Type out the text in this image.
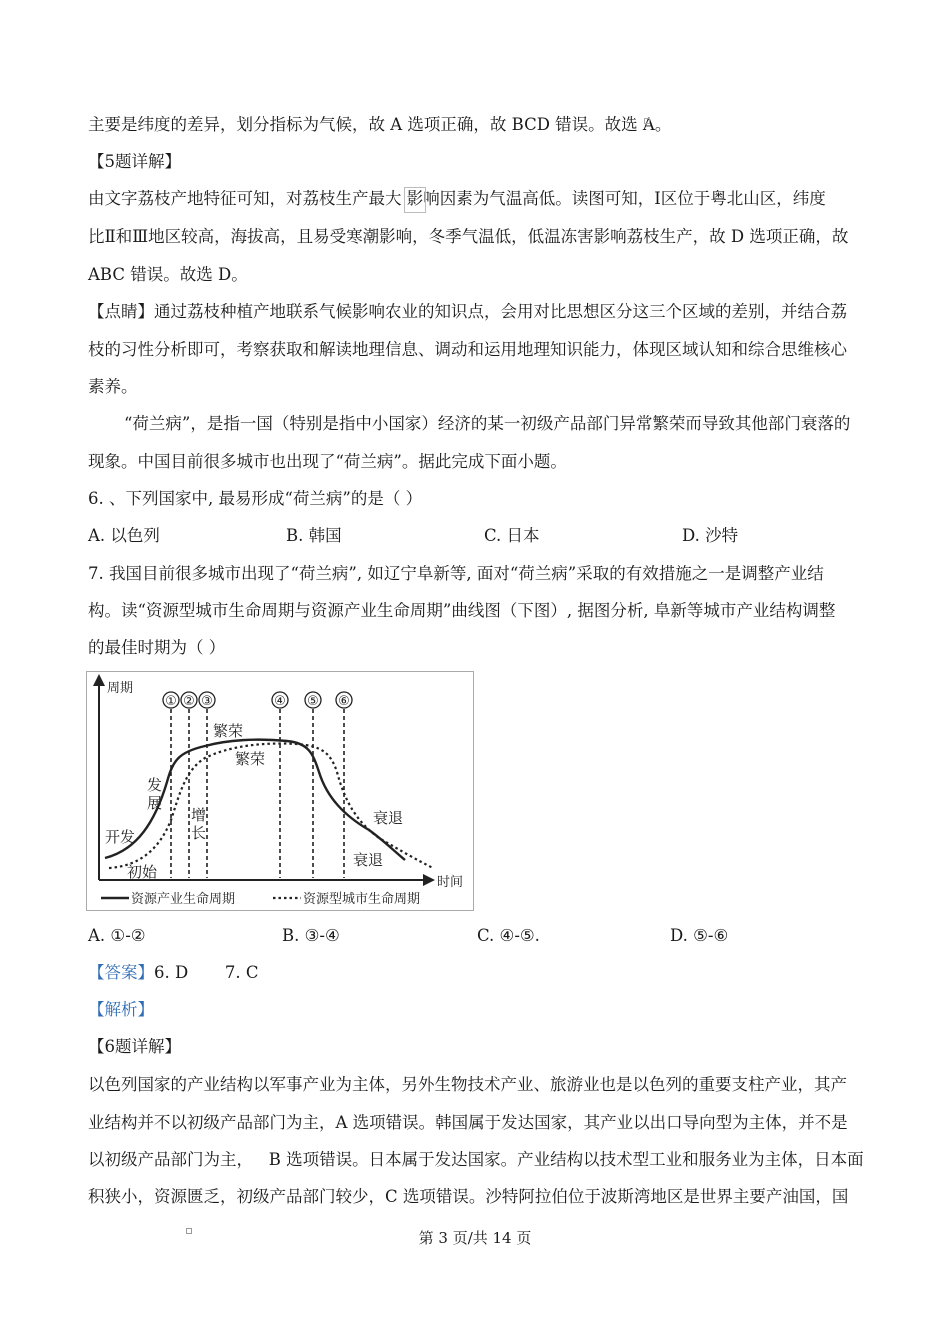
主要是纬度的差异，划分指标为气候，故 A 选项正确，故 BCD 错误。故选 A。
【5题详解】
由文字荔枝产地特征可知，对荔枝生产最大 影响因素为气温高低。读图可知，Ⅰ区位于粤北山区，纬度
比Ⅱ和Ⅲ地区较高，海拔高，且易受寒潮影响，冬季气温低，低温冻害影响荔枝生产，故 D 选项正确，故
ABC 错误。故选 D。
【点睛】通过荔枝种植产地联系气候影响农业的知识点，会用对比思想区分这三个区域的差别，并结合荔
枝的习性分析即可，考察获取和解读地理信息、调动和运用地理知识能力，体现区域认知和综合思维核心
素养。
“荷兰病”，是指一国（特别是指中小国家）经济的某一初级产品部门异常繁荣而导致其他部门衰落的
现象。中国目前很多城市也出现了“荷兰病”。据此完成下面小题。
6. 、下列国家中, 最易形成“荷兰病”的是（ ）
A. 以色列	B. 韩国	C. 日本	D. 沙特
7. 我国目前很多城市出现了“荷兰病”, 如辽宁阜新等, 面对“荷兰病”采取的有效措施之一是调整产业结
构。读“资源型城市生命周期与资源产业生命周期”曲线图（下图）, 据图分析, 阜新等城市产业结构调整
的最佳时期为（ ）
周期
时间
① ② ③	④ ⑤ ⑥
开发
发
展
繁荣
繁荣
增
长
初始
衰退
衰退
资源产业生命周期	资源型城市生命周期
A. ①-②	B. ③-④	C. ④-⑤.	D. ⑤-⑥
【答案】6. D       7. C
【解析】
【6题详解】
以色列国家的产业结构以军事产业为主体，另外生物技术产业、旅游业也是以色列的重要支柱产业，其产
业结构并不以初级产品部门为主，A 选项错误。韩国属于发达国家，其产业以出口导向型为主体，并不是
以初级产品部门为主，   B 选项错误。日本属于发达国家。产业结构以技术型工业和服务业为主体，日本面
积狭小，资源匮乏，初级产品部门较少，C 选项错误。沙特阿拉伯位于波斯湾地区是世界主要产油国，国
第 3 页/共 14 页
